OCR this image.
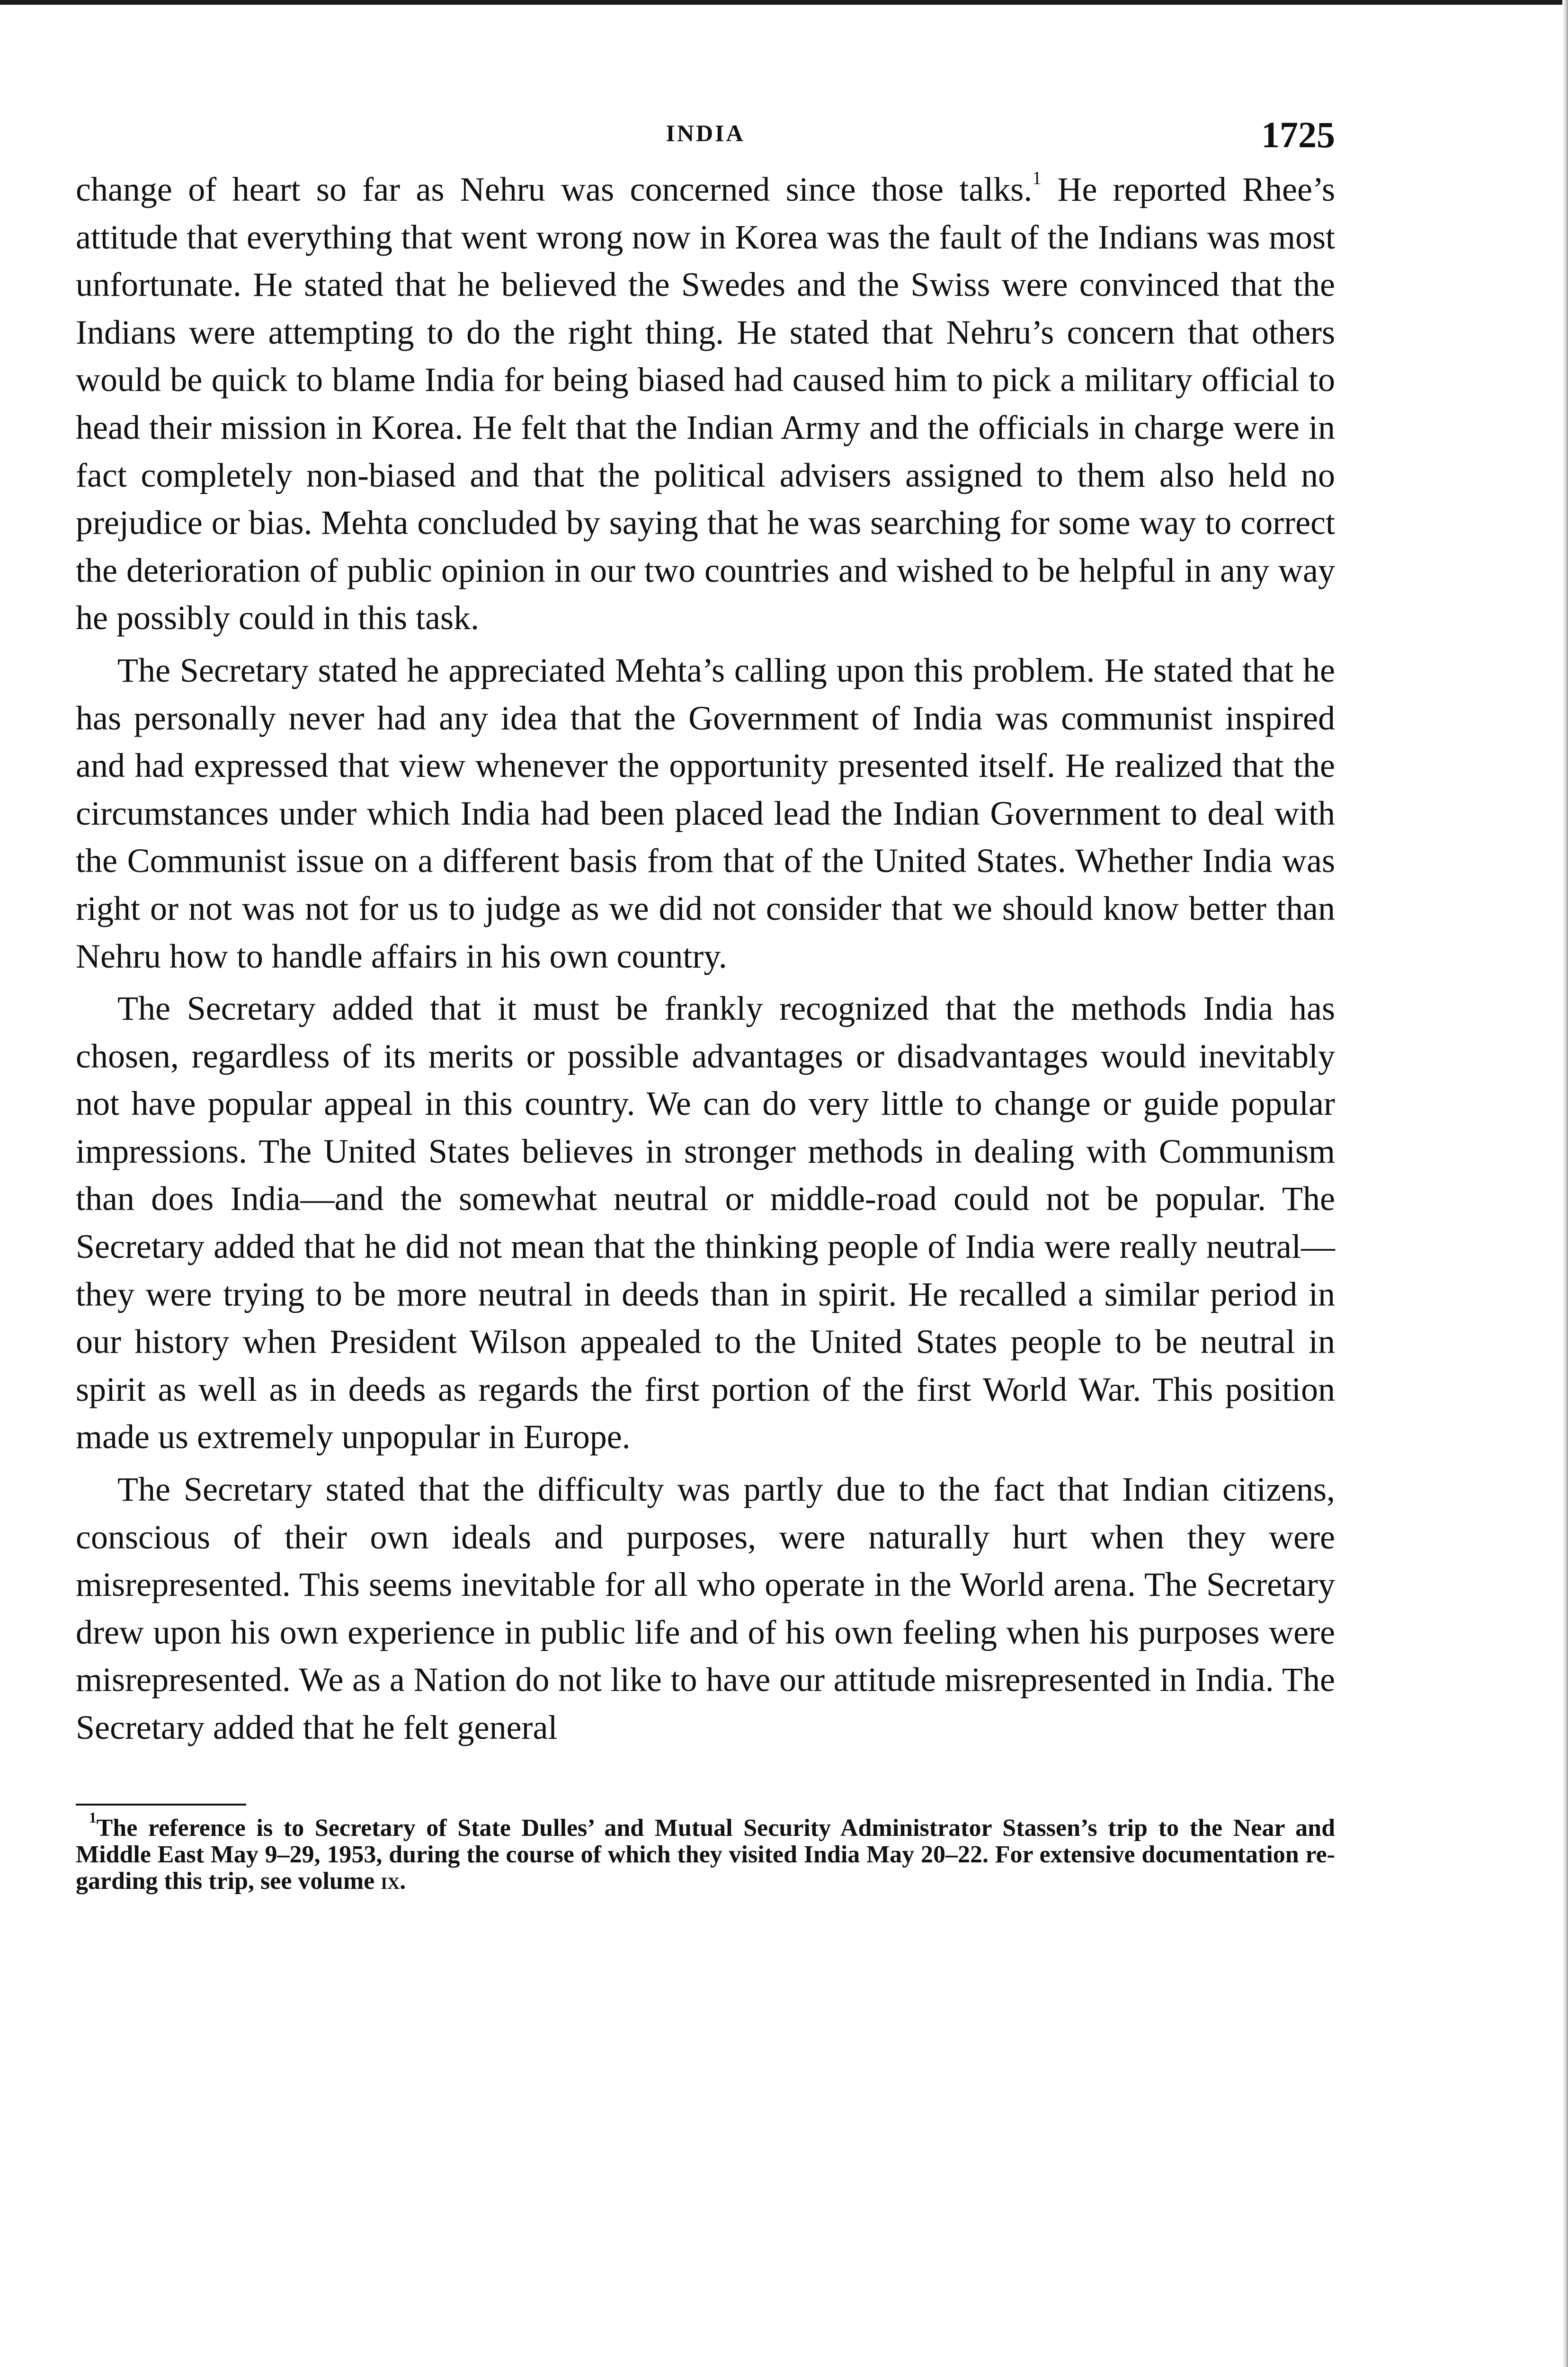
INDIA	1725

change of heart so far as Nehru was concerned since those talks.$^1$ He reported Rhee’s attitude that everything that went wrong now in Korea was the fault of the Indians was most unfortunate. He stated that he believed the Swedes and the Swiss were convinced that the Indians were attempting to do the right thing. He stated that Nehru’s concern that others would be quick to blame India for being biased had caused him to pick a military official to head their mission in Korea. He felt that the Indian Army and the officials in charge were in fact completely non-biased and that the political advisers assigned to them also held no prejudice or bias. Mehta concluded by saying that he was searching for some way to correct the deterioration of public opinion in our two countries and wished to be helpful in any way he possibly could in this task.

The Secretary stated he appreciated Mehta’s calling upon this problem. He stated that he has personally never had any idea that the Government of India was communist inspired and had expressed that view whenever the opportunity presented itself. He realized that the circumstances under which India had been placed lead the Indian Government to deal with the Communist issue on a different basis from that of the United States. Whether India was right or not was not for us to judge as we did not consider that we should know better than Nehru how to handle affairs in his own country.

The Secretary added that it must be frankly recognized that the methods India has chosen, regardless of its merits or possible advantages or disadvantages would inevitably not have popular appeal in this country. We can do very little to change or guide popular impressions. The United States believes in stronger methods in dealing with Communism than does India—and the somewhat neutral or middle-road could not be popular. The Secretary added that he did not mean that the thinking people of India were really neutral—they were trying to be more neutral in deeds than in spirit. He recalled a similar period in our history when President Wilson appealed to the United States people to be neutral in spirit as well as in deeds as regards the first portion of the first World War. This position made us extremely unpopular in Europe.

The Secretary stated that the difficulty was partly due to the fact that Indian citizens, conscious of their own ideals and purposes, were naturally hurt when they were misrepresented. This seems inevitable for all who operate in the World arena. The Secretary drew upon his own experience in public life and of his own feeling when his purposes were misrepresented. We as a Nation do not like to have our attitude misrepresented in India. The Secretary added that he felt general

$^1$The reference is to Secretary of State Dulles’ and Mutual Security Administrator Stassen’s trip to the Near and Middle East May 9–29, 1953, during the course of which they visited India May 20–22. For extensive documentation regarding this trip, see volume ix.
